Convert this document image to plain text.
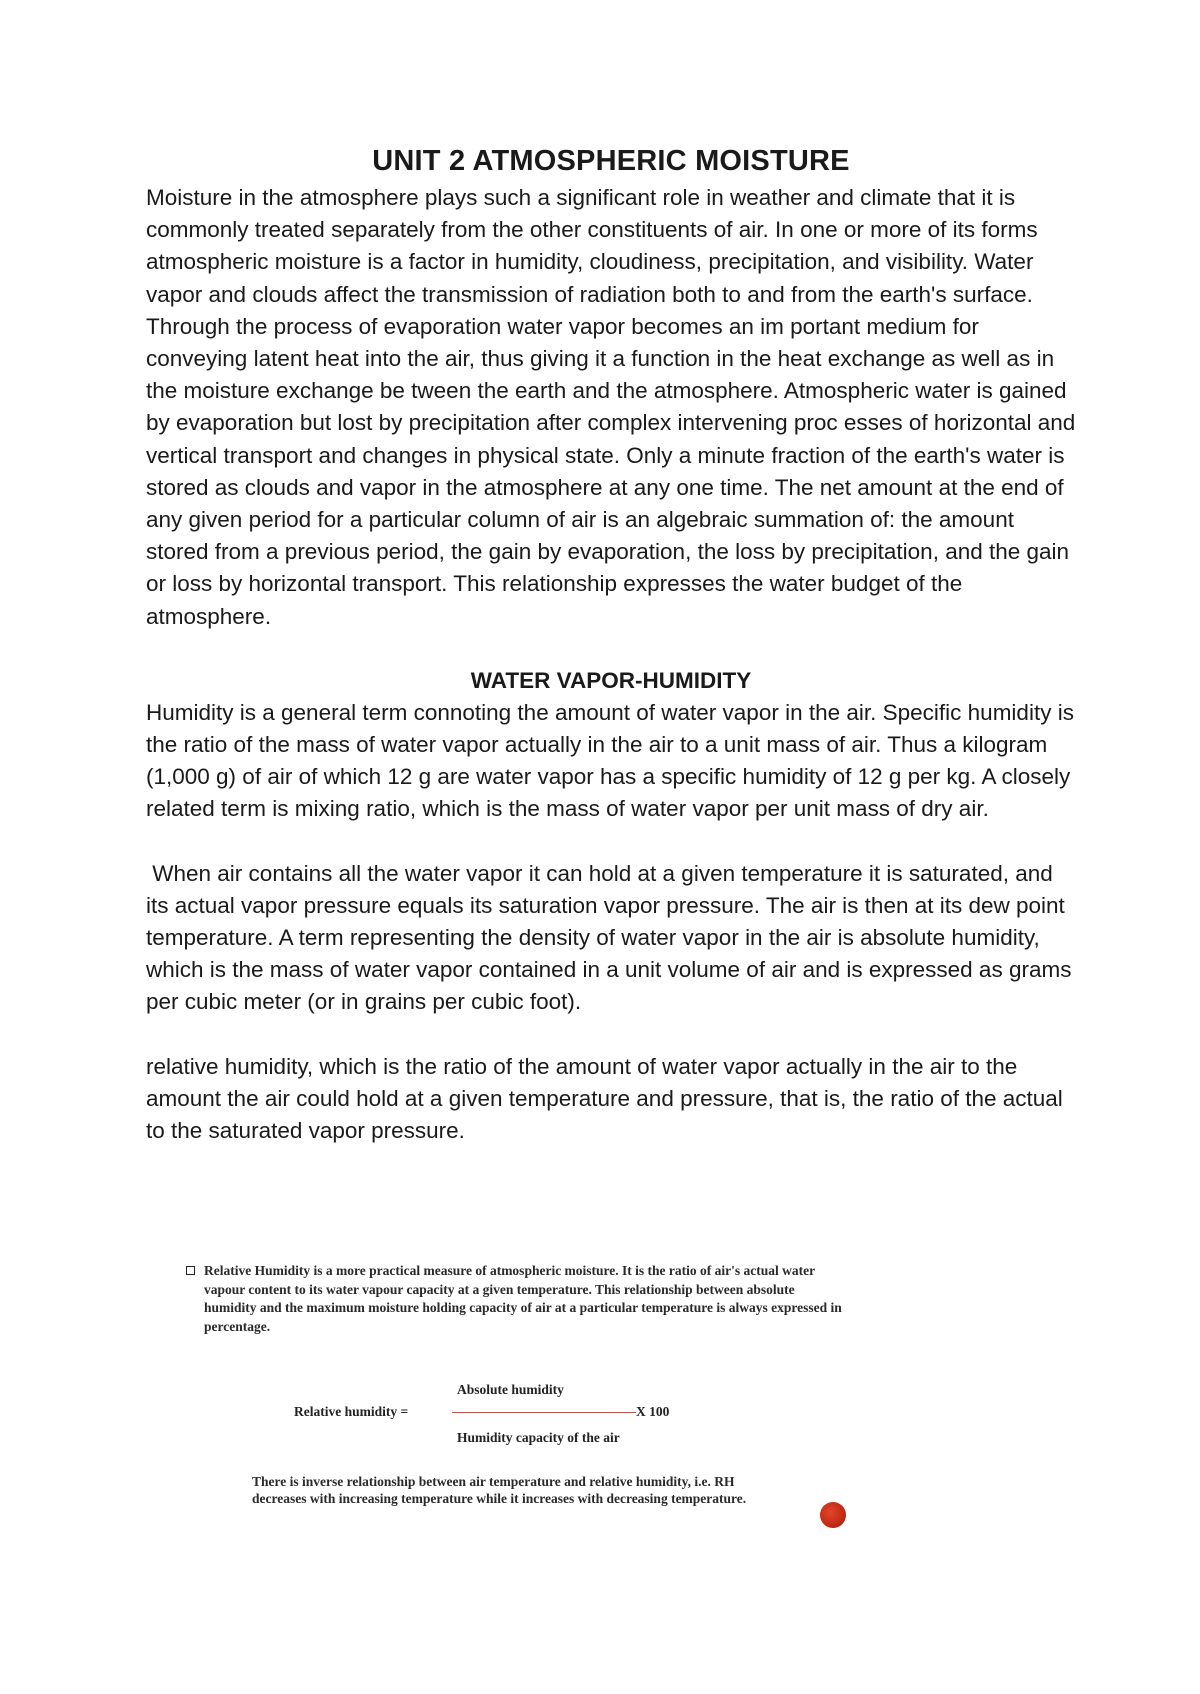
UNIT 2 ATMOSPHERIC MOISTURE

Moisture in the atmosphere plays such a significant role in weather and climate that it is commonly treated separately from the other constituents of air. In one or more of its forms atmospheric moisture is a factor in humidity, cloudiness, precipitation, and visibility. Water vapor and clouds affect the transmission of radiation both to and from the earth's surface. Through the process of evaporation water vapor becomes an im portant medium for conveying latent heat into the air, thus giving it a function in the heat exchange as well as in the moisture exchange be tween the earth and the atmosphere. Atmospheric water is gained by evaporation but lost by precipitation after complex intervening proc esses of horizontal and vertical transport and changes in physical state. Only a minute fraction of the earth's water is stored as clouds and vapor in the atmosphere at any one time. The net amount at the end of any given period for a particular column of air is an algebraic summation of: the amount stored from a previous period, the gain by evaporation, the loss by precipitation, and the gain or loss by horizontal transport. This relationship expresses the water budget of the atmosphere.

WATER VAPOR-HUMIDITY

Humidity is a general term connoting the amount of water vapor in the air. Specific humidity is the ratio of the mass of water vapor actually in the air to a unit mass of air. Thus a kilogram (1,000 g) of air of which 12 g are water vapor has a specific humidity of 12 g per kg. A closely related term is mixing ratio, which is the mass of water vapor per unit mass of dry air.

When air contains all the water vapor it can hold at a given temperature it is saturated, and its actual vapor pressure equals its saturation vapor pressure. The air is then at its dew point temperature. A term representing the density of water vapor in the air is absolute humidity, which is the mass of water vapor contained in a unit volume of air and is expressed as grams per cubic meter (or in grains per cubic foot).

relative humidity, which is the ratio of the amount of water vapor actually in the air to the amount the air could hold at a given temperature and pressure, that is, the ratio of the actual to the saturated vapor pressure.

Relative Humidity is a more practical measure of atmospheric moisture. It is the ratio of air's actual water vapour content to its water vapour capacity at a given temperature. This relationship between absolute humidity and the maximum moisture holding capacity of air at a particular temperature is always expressed in percentage.
Absolute humidity
Relative humidity =	X 100
Humidity capacity of the air
There is inverse relationship between air temperature and relative humidity, i.e. RH decreases with increasing temperature while it increases with decreasing temperature.
